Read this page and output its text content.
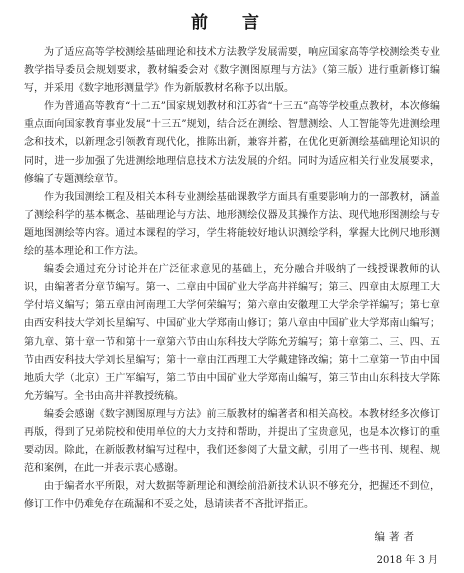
前 言

为了适应高等学校测绘基础理论和技术方法教学发展需要，响应国家高等学校测绘类专业教学指导委员会规划要求，教材编委会对《数字测图原理与方法》（第三版）进行重新修订编写，并采用《数字地形测量学》作为新版教材名称予以出版。

作为普通高等教育“十二五”国家规划教材和江苏省“十三五”高等学校重点教材，本次修编重点面向国家教育事业发展“十三五”规划，结合泛在测绘、智慧测绘、人工智能等先进测绘理念和技术，以新理念引领教育现代化，推陈出新，兼容并蓄，在优化更新测绘基础理论知识的同时，进一步加强了先进测绘地理信息技术方法发展的介绍。同时为适应相关行业发展要求，修编了专题测绘章节。

作为我国测绘工程及相关本科专业测绘基础课教学方面具有重要影响力的一部教材，涵盖了测绘科学的基本概念、基础理论与方法、地形测绘仪器及其操作方法、现代地形图测绘与专题地图测绘等内容。通过本课程的学习，学生将能较好地认识测绘学科，掌握大比例尺地形测绘的基本理论和工作方法。

编委会通过充分讨论并在广泛征求意见的基础上，充分融合并吸纳了一线授课教师的认识，由编著者分章节编写。第一、二章由中国矿业大学高井祥编写；第三、四章由太原理工大学付培义编写；第五章由河南理工大学何荣编写；第六章由安徽理工大学余学祥编写；第七章由西安科技大学刘长星编写、中国矿业大学郑南山修订；第八章由中国矿业大学郑南山编写；第九章、第十章一节和第十一章第六节由山东科技大学陈允芳编写；第十章第二、三、四、五节由西安科技大学刘长星编写；第十一章由江西理工大学戴建锋改编；第十二章第一节由中国地质大学（北京）王广军编写，第二节由中国矿业大学郑南山编写，第三节由山东科技大学陈允芳编写。全书由高井祥教授统稿。

编委会感谢《数字测图原理与方法》前三版教材的编著者和相关高校。本教材经多次修订再版，得到了兄弟院校和使用单位的大力支持和帮助，并提出了宝贵意见，也是本次修订的重要动因。除此，在新版教材编写过程中，我们还参阅了大量文献，引用了一些书刊、规程、规范和案例，在此一并表示衷心感谢。

由于编者水平所限，对大数据等新理论和测绘前沿新技术认识不够充分，把握还不到位，修订工作中仍难免存在疏漏和不妥之处，恳请读者不吝批评指正。

编著者
2018 年 3 月
